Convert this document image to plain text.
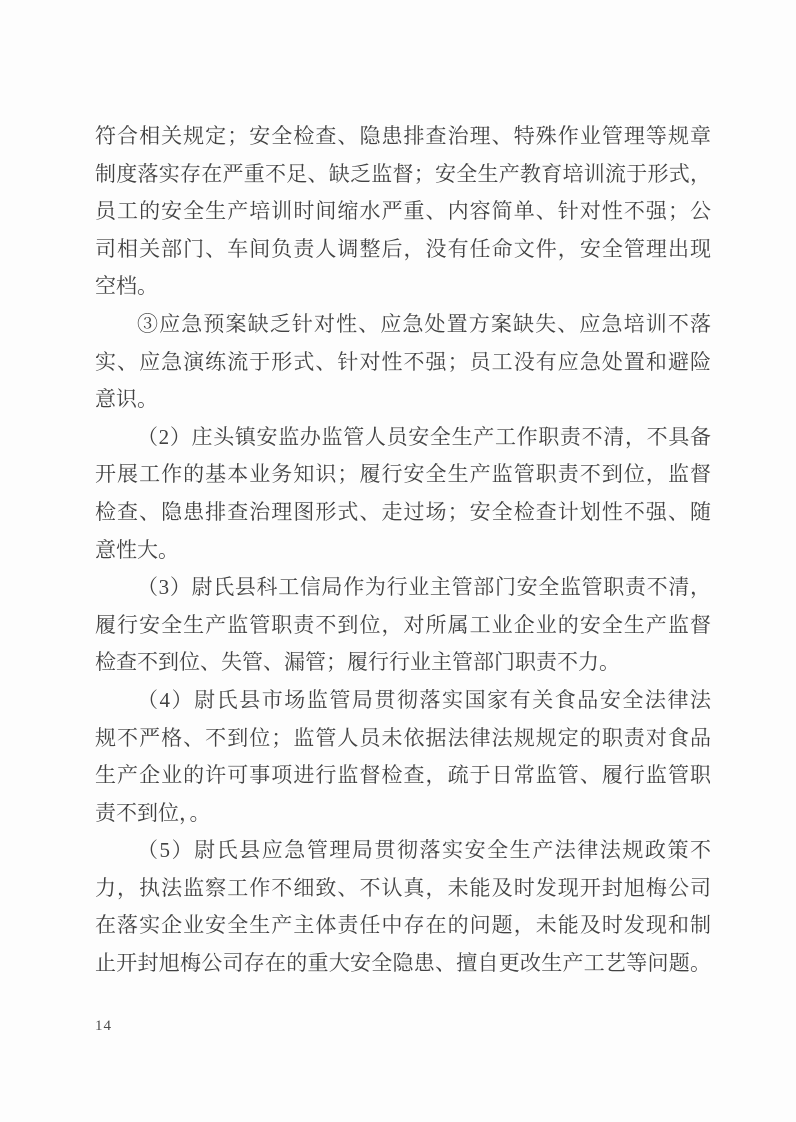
符合相关规定；安全检查、隐患排查治理、特殊作业管理等规章
制度落实存在严重不足、缺乏监督；安全生产教育培训流于形式，
员工的安全生产培训时间缩水严重、内容简单、针对性不强；公
司相关部门、车间负责人调整后，没有任命文件，安全管理出现
空档。
③应急预案缺乏针对性、应急处置方案缺失、应急培训不落
实、应急演练流于形式、针对性不强；员工没有应急处置和避险
意识。
（2）庄头镇安监办监管人员安全生产工作职责不清，不具备
开展工作的基本业务知识；履行安全生产监管职责不到位，监督
检查、隐患排查治理图形式、走过场；安全检查计划性不强、随
意性大。
（3）尉氏县科工信局作为行业主管部门安全监管职责不清，
履行安全生产监管职责不到位，对所属工业企业的安全生产监督
检查不到位、失管、漏管；履行行业主管部门职责不力。
（4）尉氏县市场监管局贯彻落实国家有关食品安全法律法
规不严格、不到位；监管人员未依据法律法规规定的职责对食品
生产企业的许可事项进行监督检查，疏于日常监管、履行监管职
责不到位，。
（5）尉氏县应急管理局贯彻落实安全生产法律法规政策不
力，执法监察工作不细致、不认真，未能及时发现开封旭梅公司
在落实企业安全生产主体责任中存在的问题，未能及时发现和制
止开封旭梅公司存在的重大安全隐患、擅自更改生产工艺等问题。
14
